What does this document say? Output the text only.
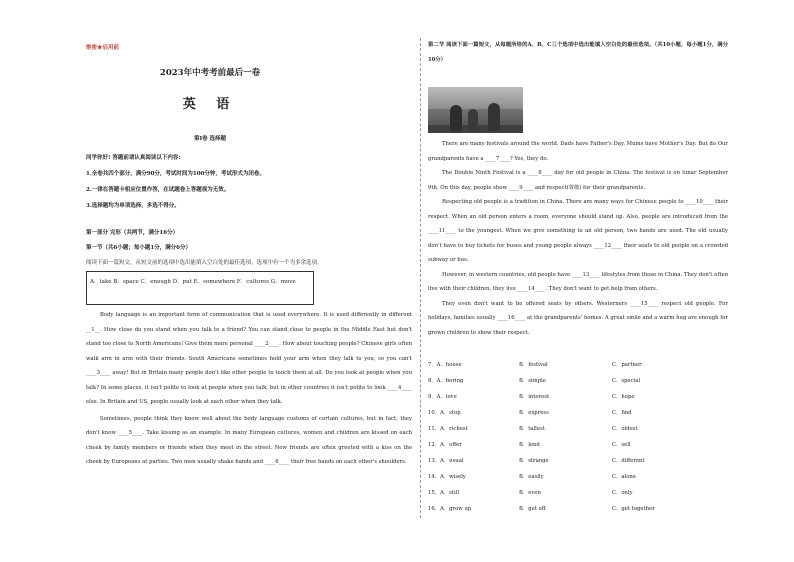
绝密★启用前
2023年中考考前最后一卷
英 语
第I卷 选择题
同学你好! 答题前请认真阅读以下内容:
1.全卷共四个部分，满分90分，考试时间为100分钟，考试形式为闭卷。
2.一律在答题卡相应位置作答，在试题卷上答题视为无效。
3.选择题均为单项选择，多选不得分。
第一部分 完形（共两节，满分16分）
第一节（共6小题；每小题1分，满分6分）
阅读下面一篇短文，从短文前的选项中选出能填入空白处的最佳选项。选项中有一个为多余选项。
A．take B．space C．enough D．put E．somewhere F．cultures G．move

Body language is an important form of communication that is used everywhere. It is used differently in different __1__. How close do you stand when you talk to a friend? You can stand close to people in the Middle East but don't stand too close to North Americans! Give them more personal ____2____. How about touching people? Chinese girls often walk arm in arm with their friends. South Americans sometimes hold your arm when they talk to you, so you can't ____3____ away! But in Britain many people don't like other people to touch them at all. Do you look at people when you talk? In some places, it isn't polite to look at people when you talk, but in other countries it isn't polite to look ____4____ else. In Britain and US, people usually look at each other when they talk.

Sometimes, people think they know well about the body language customs of certain cultures, but in fact, they don't know ____5____. Take kissing as an example. In many European cultures, women and children are kissed on each cheek by family members or friends when they meet in the street. New friends are often greeted with a kiss on the cheek by Europeans at parties. Two men usually shake hands and ____6____ their free hands on each other's shoulders.

第二节 阅读下面一篇短文，从每题所给的A、B、C三个选项中选出能填入空白处的最佳选项。（共10小题，每小题1分，满分10分）

There are many festivals around the world. Dads have Father's Day. Mums have Mother's Day. But do Our grandparents have a ____7____? Yes, they do.

The Double Ninth Festival is a ____8____ day for old people in China. The festival is on lunar September 9th. On this day, people show ____9____ and respect(尊敬) for their grandparents.

Respecting old people is a tradition in China. There are many ways for Chinese people to ____10____ their respect. When an old person enters a room, everyone should stand up. Also, people are introduced from the ____11____ to the youngest. When we give something to an old person, two hands are used. The old usually don't have to buy tickets for buses and young people always ____12____ their seats to old people on a crowded subway or bus.

However, in western countries, old people have ____13____ lifestyles from those in China. They don't often live with their children, they live ____14____. They don't want to get help from others.

They even don't want to be offered seats by others. Westerners ____15____ respect old people. For holidays, families usually ____16____ at the grandparents' homes. A great smile and a warm hug are enough for grown children to show their respect.

7．A．house	B．festival	C．partner
8．A．boring	B．simple	C．special
9．A．love	B．interest	C．hope
10．A．stop	B．express	C．find
11．A．richest	B．tallest	C．oldest
12．A．offer	B．lend	C．sell
13．A．usual	B．strange	C．different
14．A．wisely	B．easily	C．alone
15．A．still	B．even	C．only
16．A．grow up	B．get off	C．get together
